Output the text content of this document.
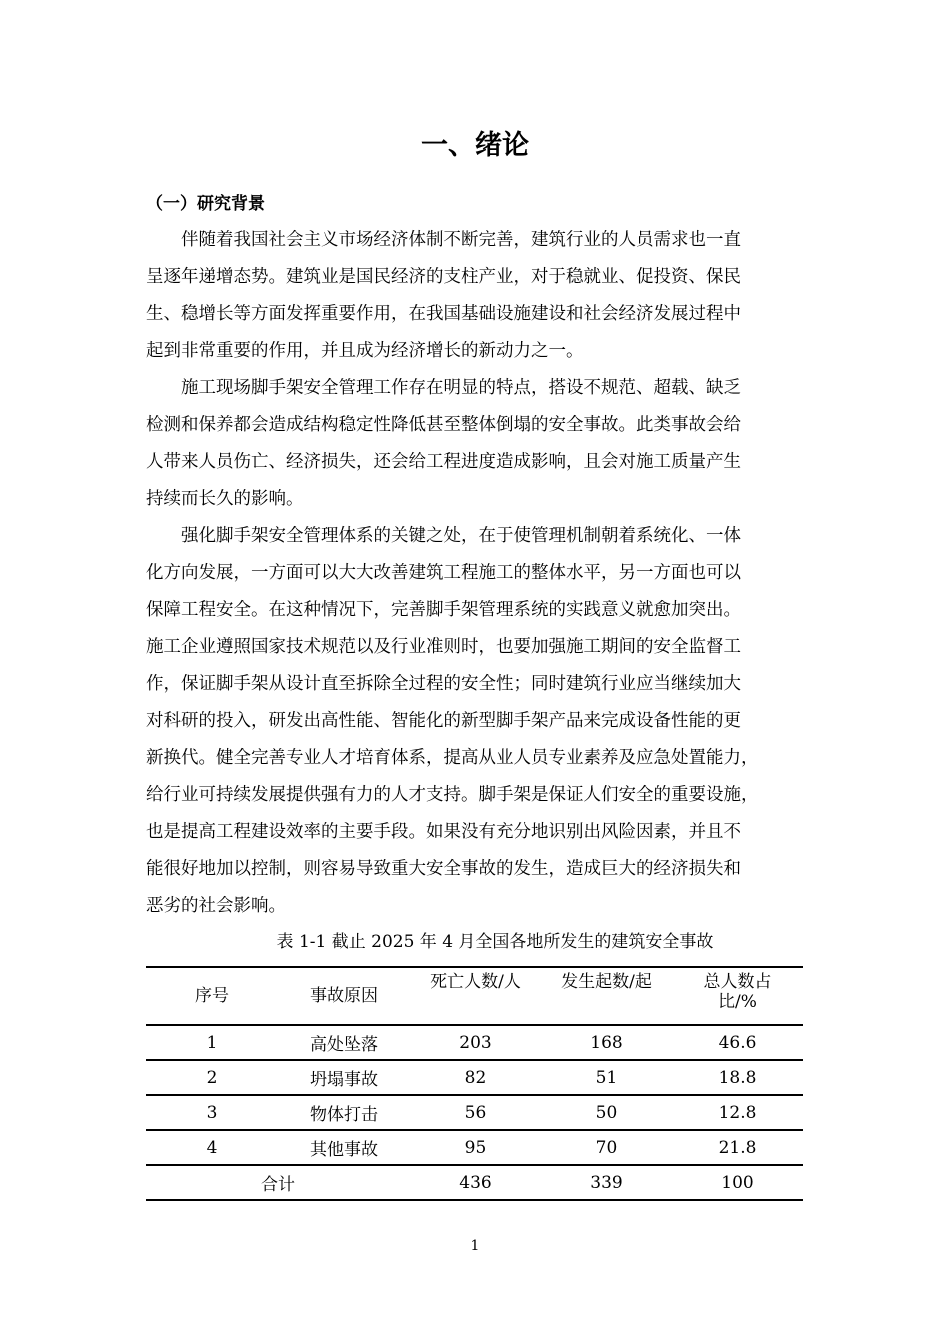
一、绪论
（一）研究背景

伴随着我国社会主义市场经济体制不断完善，建筑行业的人员需求也一直
呈逐年递增态势。建筑业是国民经济的支柱产业，对于稳就业、促投资、保民
生、稳增长等方面发挥重要作用，在我国基础设施建设和社会经济发展过程中
起到非常重要的作用，并且成为经济增长的新动力之一。

施工现场脚手架安全管理工作存在明显的特点，搭设不规范、超载、缺乏
检测和保养都会造成结构稳定性降低甚至整体倒塌的安全事故。此类事故会给
人带来人员伤亡、经济损失，还会给工程进度造成影响，且会对施工质量产生
持续而长久的影响。

强化脚手架安全管理体系的关键之处，在于使管理机制朝着系统化、一体
化方向发展，一方面可以大大改善建筑工程施工的整体水平，另一方面也可以
保障工程安全。在这种情况下，完善脚手架管理系统的实践意义就愈加突出。
施工企业遵照国家技术规范以及行业准则时，也要加强施工期间的安全监督工
作，保证脚手架从设计直至拆除全过程的安全性；同时建筑行业应当继续加大
对科研的投入，研发出高性能、智能化的新型脚手架产品来完成设备性能的更
新换代。健全完善专业人才培育体系，提高从业人员专业素养及应急处置能力，
给行业可持续发展提供强有力的人才支持。脚手架是保证人们安全的重要设施，
也是提高工程建设效率的主要手段。如果没有充分地识别出风险因素，并且不
能很好地加以控制，则容易导致重大安全事故的发生，造成巨大的经济损失和
恶劣的社会影响。

表 1-1 截止 2025 年 4 月全国各地所发生的建筑安全事故
序号	事故原因	死亡人数/人	发生起数/起	总人数占
比/%
1	高处坠落	203	168	46.6
2	坍塌事故	82	51	18.8
3	物体打击	56	50	12.8
4	其他事故	95	70	21.8
合计		436	339	100
1
